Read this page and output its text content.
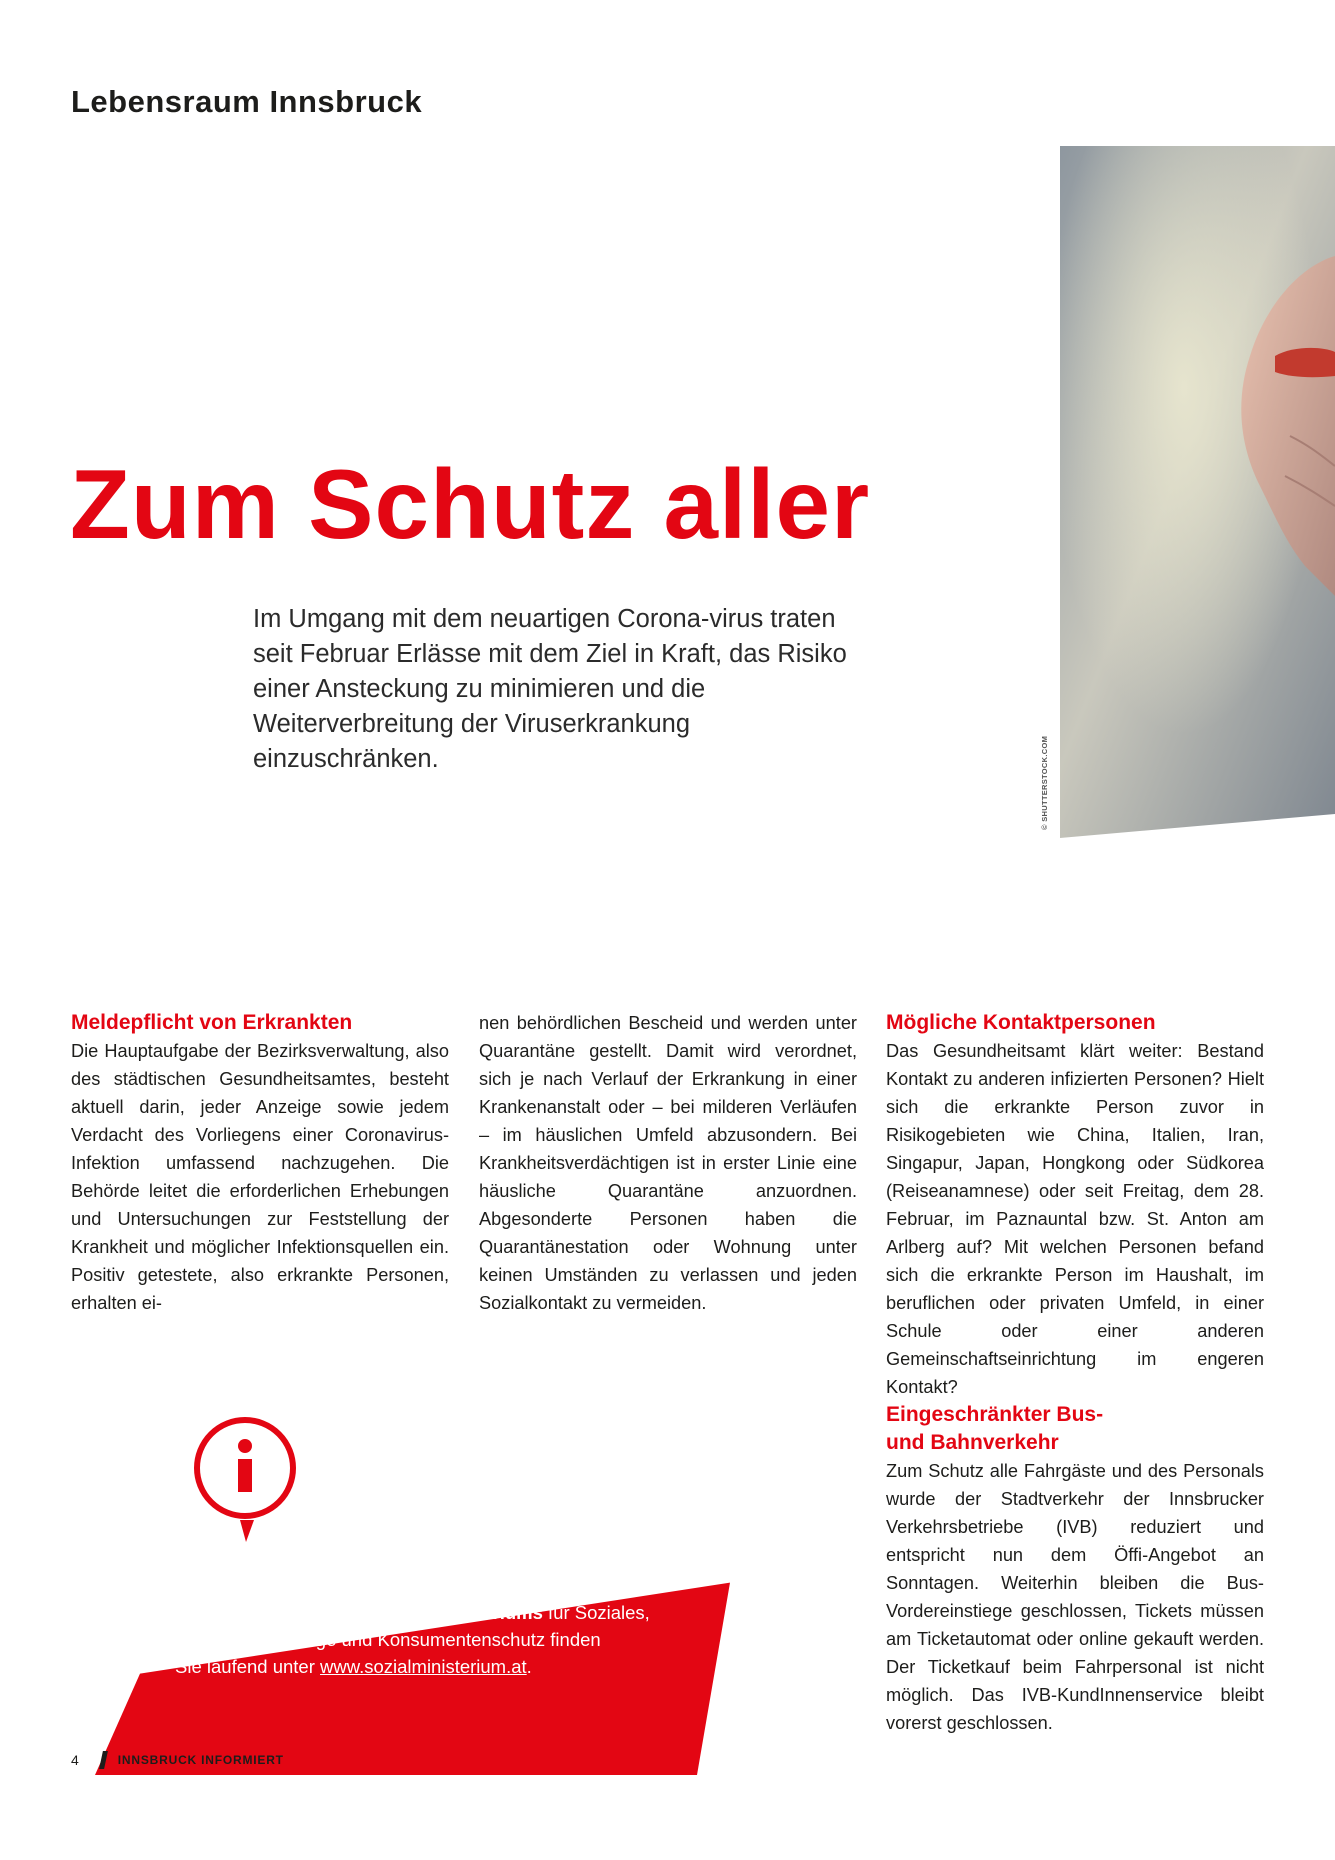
Lebensraum Innsbruck
© SHUTTERSTOCK.COM
Zum Schutz aller

Im Umgang mit dem neuartigen Corona-virus traten seit Februar Erlässe mit dem Ziel in Kraft, das Risiko einer Ansteckung zu minimieren und die Weiterverbreitung der Viruserkrankung einzuschränken.

Meldepflicht von Erkrankten

Die Hauptaufgabe der Bezirksverwaltung, also des städtischen Gesundheitsamtes, besteht aktuell darin, jeder Anzeige sowie jedem Verdacht des Vorliegens einer Coronavirus-Infektion umfassend nachzugehen. Die Behörde leitet die erforderlichen Erhebungen und Untersuchungen zur Feststellung der Krankheit und möglicher Infektionsquellen ein. Positiv getestete, also erkrankte Personen, erhalten ei-

nen behördlichen Bescheid und werden unter Quarantäne gestellt. Damit wird verordnet, sich je nach Verlauf der Erkrankung in einer Krankenanstalt oder – bei milderen Verläufen – im häuslichen Umfeld abzusondern. Bei Krankheitsverdächtigen ist in erster Linie eine häusliche Quarantäne anzuordnen. Abgesonderte Personen haben die Quarantänestation oder Wohnung unter keinen Umständen zu verlassen und jeden Sozialkontakt zu vermeiden.

Mögliche Kontaktpersonen

Das Gesundheitsamt klärt weiter: Bestand Kontakt zu anderen infizierten Personen? Hielt sich die erkrankte Person zuvor in Risikogebieten wie China, Italien, Iran, Singapur, Japan, Hongkong oder Südkorea (Reiseanamnese) oder seit Freitag, dem 28. Februar, im Paznauntal bzw. St. Anton am Arlberg auf? Mit welchen Personen befand sich die erkrankte Person im Haushalt, im beruflichen oder privaten Umfeld, in einer Schule oder einer anderen Gemeinschaftseinrichtung im engeren Kontakt?

Eingeschränkter Bus-
und Bahnverkehr

Zum Schutz alle Fahrgäste und des Personals wurde der Stadtverkehr der Innsbrucker Verkehrsbetriebe (IVB) reduziert und entspricht nun dem Öffi-Angebot an Sonntagen. Weiterhin bleiben die Bus-Vordereinstiege geschlossen, Tickets müssen am Ticketautomat oder online gekauft werden. Der Ticketkauf beim Fahrpersonal ist nicht möglich. Das IVB-KundInnenservice bleibt vorerst geschlossen.

Tagesaktuelle Informationen und die aktuellen
Erlässe seitens des Bundesministeriums für Soziales,
Gesundheit, Pflege und Konsumentenschutz finden
Sie laufend unter www.sozialministerium.at.
4	INNSBRUCK INFORMIERT
